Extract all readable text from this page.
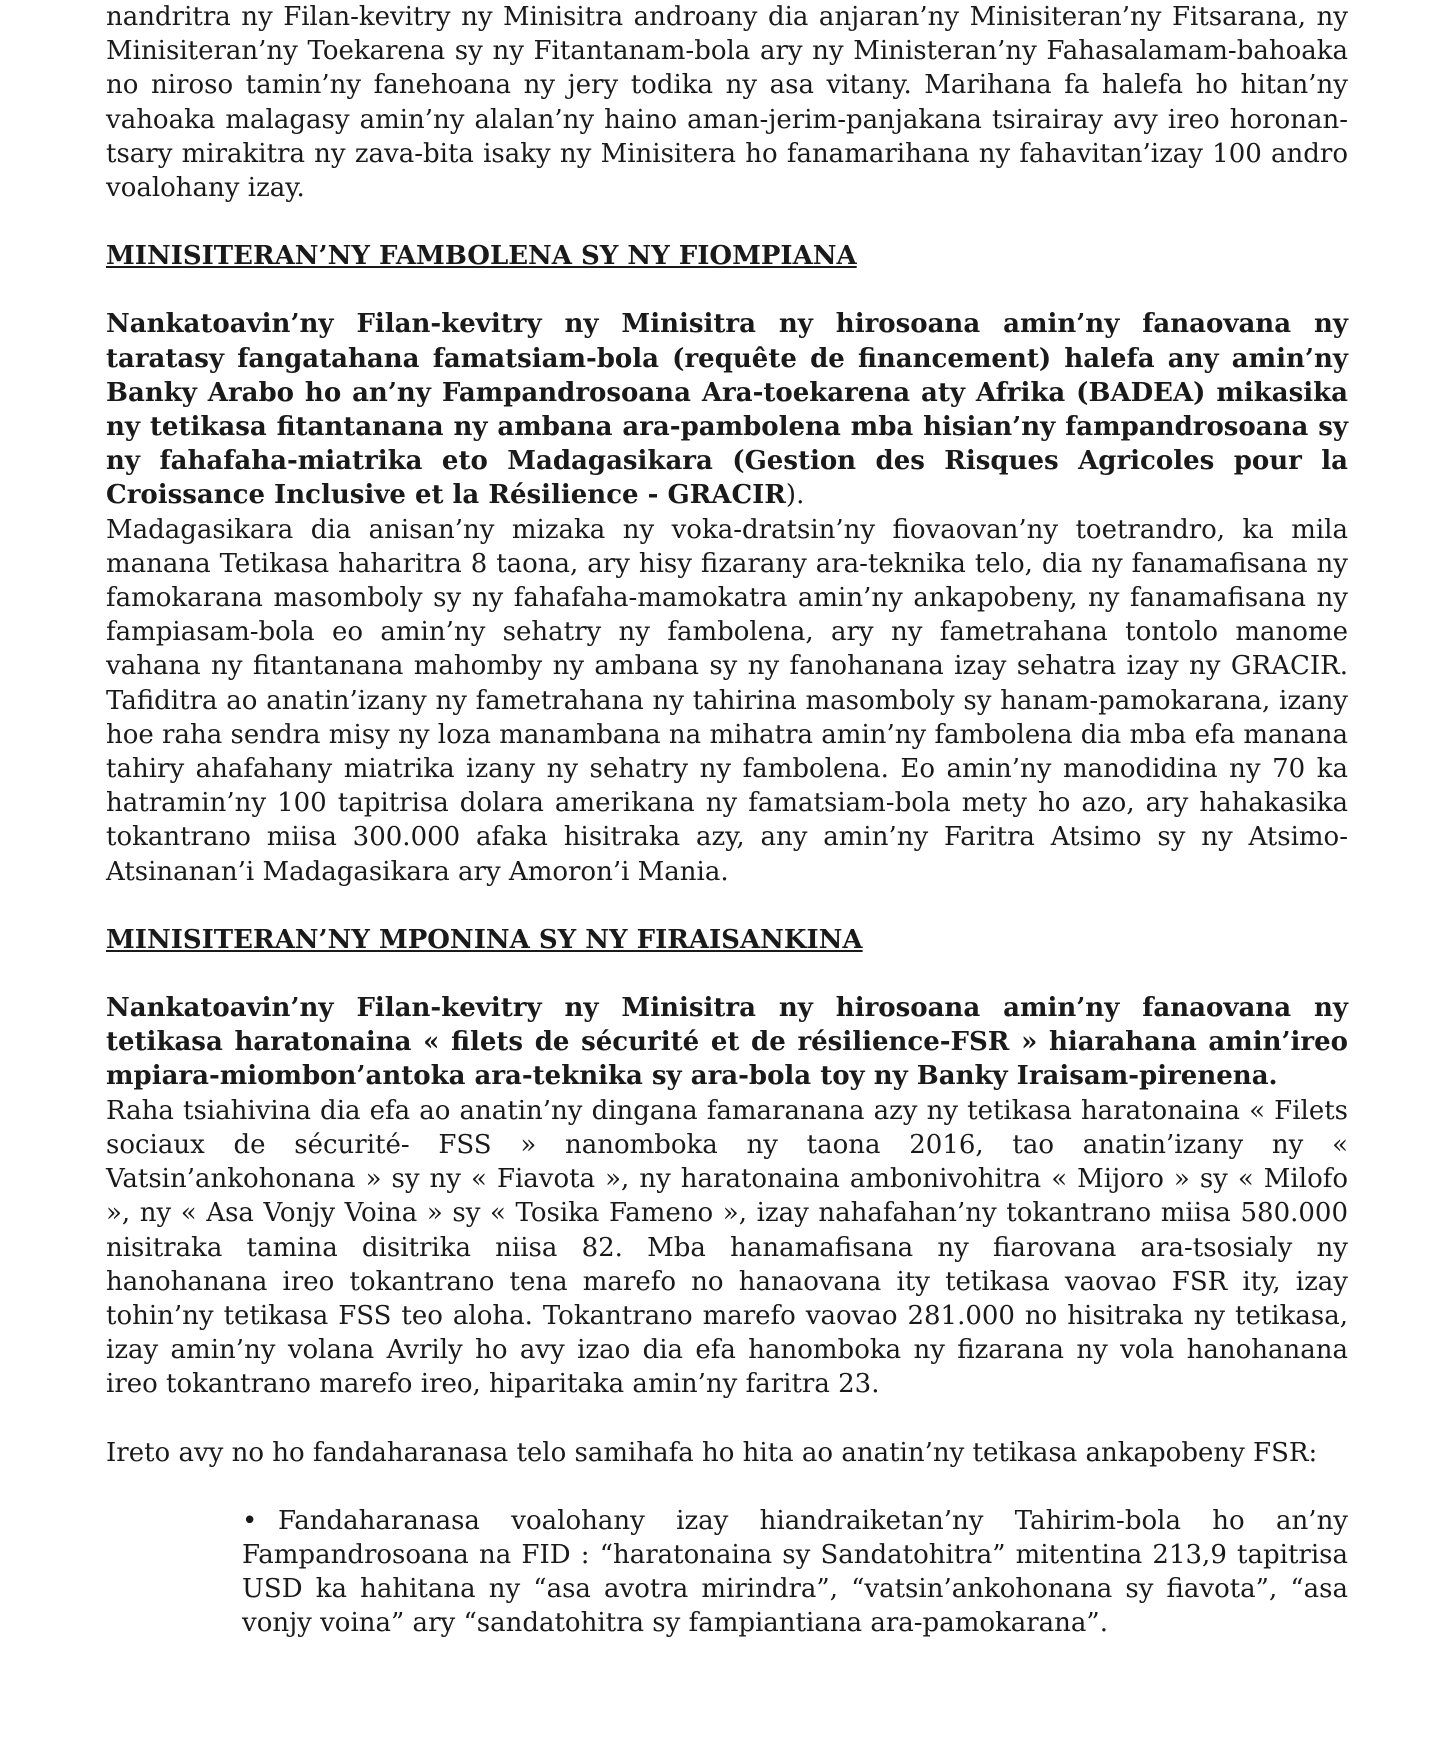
nandritra ny Filan-kevitry ny Minisitra androany dia anjaran’ny Minisiteran’ny Fitsarana, ny Minisiteran’ny Toekarena sy ny Fitantanam-bola ary ny Ministeran’ny Fahasalamam-bahoaka no niroso tamin’ny fanehoana ny jery todika ny asa vitany. Marihana fa halefa ho hitan’ny vahoaka malagasy amin’ny alalan’ny haino aman-jerim-panjakana tsirairay avy ireo horonan-tsary mirakitra ny zava-bita isaky ny Minisitera ho fanamarihana ny fahavitan’izay 100 andro voalohany izay.

MINISITERAN’NY FAMBOLENA SY NY FIOMPIANA

Nankatoavin’ny Filan-kevitry ny Minisitra ny hirosoana amin’ny fanaovana ny taratasy fangatahana famatsiam-bola (requête de financement) halefa any amin’ny Banky Arabo ho an’ny Fampandrosoana Ara-toekarena aty Afrika (BADEA) mikasika ny tetikasa fitantanana ny ambana ara-pambolena mba hisian’ny fampandrosoana sy ny fahafaha-miatrika eto Madagasikara (Gestion des Risques Agricoles pour la Croissance Inclusive et la Résilience - GRACIR).

Madagasikara dia anisan’ny mizaka ny voka-dratsin’ny fiovaovan’ny toetrandro, ka mila manana Tetikasa haharitra 8 taona, ary hisy fizarany ara-teknika telo, dia ny fanamafisana ny famokarana masomboly sy ny fahafaha-mamokatra amin’ny ankapobeny, ny fanamafisana ny fampiasam-bola eo amin’ny sehatry ny fambolena, ary ny fametrahana tontolo manome vahana ny fitantanana mahomby ny ambana sy ny fanohanana izay sehatra izay ny GRACIR. Tafiditra ao anatin’izany ny fametrahana ny tahirina masomboly sy hanam-pamokarana, izany hoe raha sendra misy ny loza manambana na mihatra amin’ny fambolena dia mba efa manana tahiry ahafahany miatrika izany ny sehatry ny fambolena. Eo amin’ny manodidina ny 70 ka hatramin’ny 100 tapitrisa dolara amerikana ny famatsiam-bola mety ho azo, ary hahakasika tokantrano miisa 300.000 afaka hisitraka azy, any amin’ny Faritra Atsimo sy ny Atsimo-Atsinanan’i Madagasikara ary Amoron’i Mania.

MINISITERAN’NY MPONINA SY NY FIRAISANKINA

Nankatoavin’ny Filan-kevitry ny Minisitra ny hirosoana amin’ny fanaovana ny tetikasa haratonaina « filets de sécurité et de résilience-FSR » hiarahana amin’ireo mpiara-miombon’antoka ara-teknika sy ara-bola toy ny Banky Iraisam-pirenena.

Raha tsiahivina dia efa ao anatin’ny dingana famaranana azy ny tetikasa haratonaina « Filets sociaux de sécurité- FSS » nanomboka ny taona 2016, tao anatin’izany ny « Vatsin’ankohonana » sy ny « Fiavota », ny haratonaina ambonivohitra « Mijoro » sy « Milofo », ny « Asa Vonjy Voina » sy « Tosika Fameno », izay nahafahan’ny tokantrano miisa 580.000 nisitraka tamina disitrika niisa 82. Mba hanamafisana ny fiarovana ara-tsosialy ny hanohanana ireo tokantrano tena marefo no hanaovana ity tetikasa vaovao FSR ity, izay tohin’ny tetikasa FSS teo aloha. Tokantrano marefo vaovao 281.000 no hisitraka ny tetikasa, izay amin’ny volana Avrily ho avy izao dia efa hanomboka ny fizarana ny vola hanohanana ireo tokantrano marefo ireo, hiparitaka amin’ny faritra 23.

Ireto avy no ho fandaharanasa telo samihafa ho hita ao anatin’ny tetikasa ankapobeny FSR:

• Fandaharanasa voalohany izay hiandraiketan’ny Tahirim-bola ho an’ny Fampandrosoana na FID : “haratonaina sy Sandatohitra” mitentina 213,9 tapitrisa USD ka hahitana ny “asa avotra mirindra”, “vatsin’ankohonana sy fiavota”, “asa vonjy voina” ary “sandatohitra sy fampiantiana ara-pamokarana”.
